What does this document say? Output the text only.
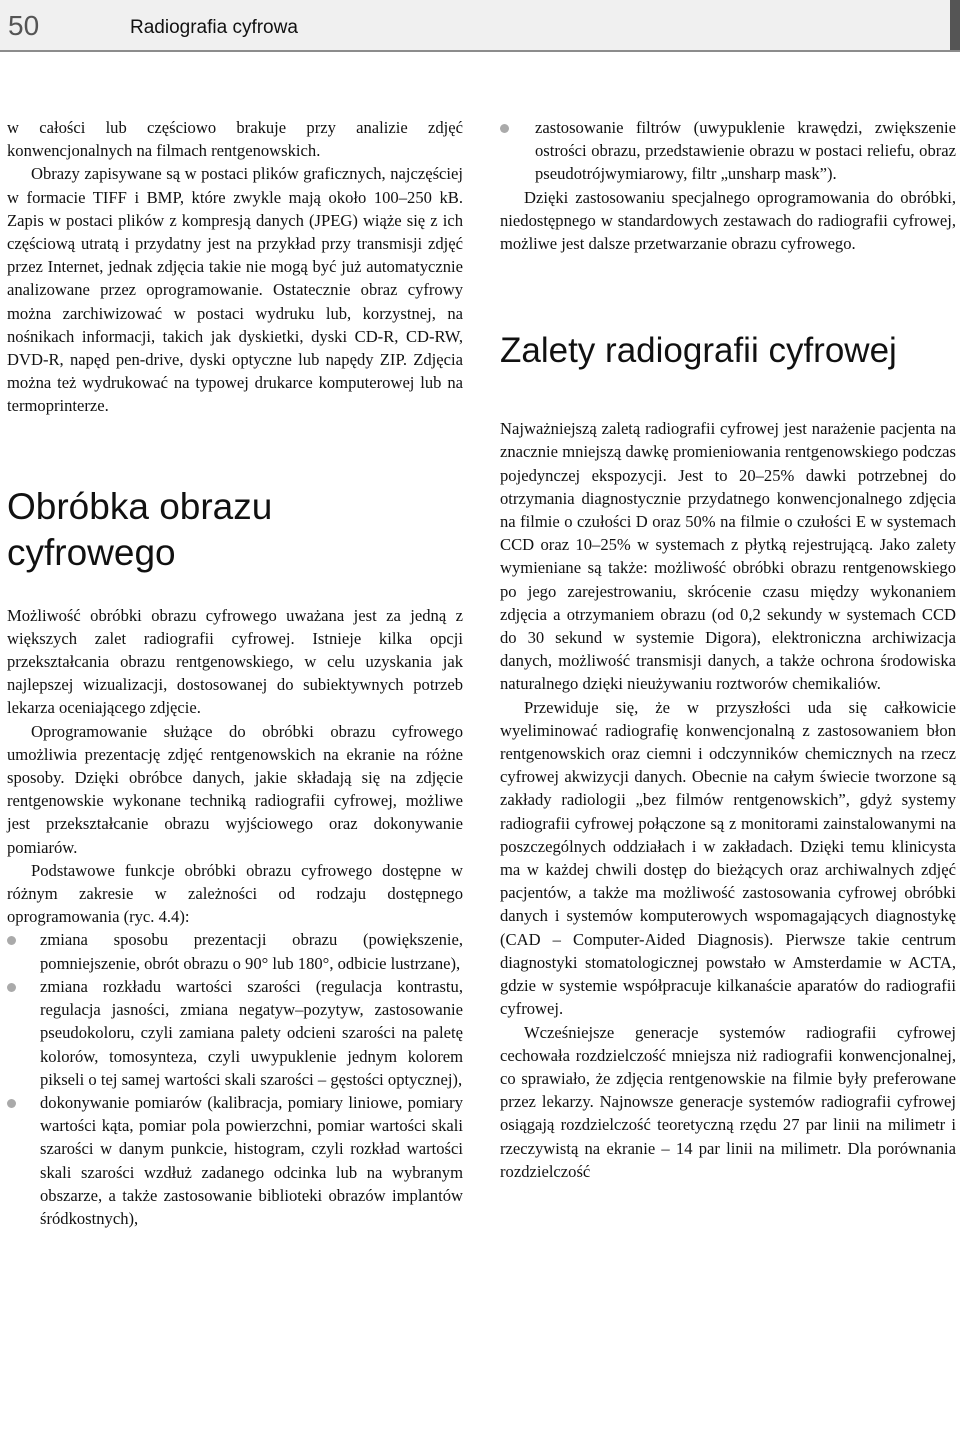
50	Radiografia cyfrowa

w całości lub częściowo brakuje przy analizie zdjęć konwencjonalnych na filmach rentgenowskich.

Obrazy zapisywane są w postaci plików graficznych, najczęściej w formacie TIFF i BMP, które zwykle mają około 100–250 kB. Zapis w postaci plików z kompresją danych (JPEG) wiąże się z ich częściową utratą i przydatny jest na przykład przy transmisji zdjęć przez Internet, jednak zdjęcia takie nie mogą być już automatycznie analizowane przez oprogramowanie. Ostatecznie obraz cyfrowy można zarchiwizować w postaci wydruku lub, korzystnej, na nośnikach informacji, takich jak dyskietki, dyski CD-R, CD-RW, DVD-R, napęd pen-drive, dyski optyczne lub napędy ZIP. Zdjęcia można też wydrukować na typowej drukarce komputerowej lub na termoprinterze.

Obróbka obrazu cyfrowego

Możliwość obróbki obrazu cyfrowego uważana jest za jedną z większych zalet radiografii cyfrowej. Istnieje kilka opcji przekształcania obrazu rentgenowskiego, w celu uzyskania jak najlepszej wizualizacji, dostosowanej do subiektywnych potrzeb lekarza oceniającego zdjęcie.

Oprogramowanie służące do obróbki obrazu cyfrowego umożliwia prezentację zdjęć rentgenowskich na ekranie na różne sposoby. Dzięki obróbce danych, jakie składają się na zdjęcie rentgenowskie wykonane techniką radiografii cyfrowej, możliwe jest przekształcanie obrazu wyjściowego oraz dokonywanie pomiarów.

Podstawowe funkcje obróbki obrazu cyfrowego dostępne w różnym zakresie w zależności od rodzaju dostępnego oprogramowania (ryc. 4.4):

zmiana sposobu prezentacji obrazu (powiększenie, pomniejszenie, obrót obrazu o 90° lub 180°, odbicie lustrzane),
zmiana rozkładu wartości szarości (regulacja kontrastu, regulacja jasności, zmiana negatyw–pozytyw, zastosowanie pseudokoloru, czyli zamiana palety odcieni szarości na paletę kolorów, tomosynteza, czyli uwypuklenie jednym kolorem pikseli o tej samej wartości skali szarości – gęstości optycznej),
dokonywanie pomiarów (kalibracja, pomiary liniowe, pomiary wartości kąta, pomiar pola powierzchni, pomiar wartości skali szarości w danym punkcie, histogram, czyli rozkład wartości skali szarości wzdłuż zadanego odcinka lub na wybranym obszarze, a także zastosowanie biblioteki obrazów implantów śródkostnych),
zastosowanie filtrów (uwypuklenie krawędzi, zwiększenie ostrości obrazu, przedstawienie obrazu w postaci reliefu, obraz pseudotrójwymiarowy, filtr „unsharp mask”).

Dzięki zastosowaniu specjalnego oprogramowania do obróbki, niedostępnego w standardowych zestawach do radiografii cyfrowej, możliwe jest dalsze przetwarzanie obrazu cyfrowego.

Zalety radiografii cyfrowej

Najważniejszą zaletą radiografii cyfrowej jest narażenie pacjenta na znacznie mniejszą dawkę promieniowania rentgenowskiego podczas pojedynczej ekspozycji. Jest to 20–25% dawki potrzebnej do otrzymania diagnostycznie przydatnego konwencjonalnego zdjęcia na filmie o czułości D oraz 50% na filmie o czułości E w systemach CCD oraz 10–25% w systemach z płytką rejestrującą. Jako zalety wymieniane są także: możliwość obróbki obrazu rentgenowskiego po jego zarejestrowaniu, skrócenie czasu między wykonaniem zdjęcia a otrzymaniem obrazu (od 0,2 sekundy w systemach CCD do 30 sekund w systemie Digora), elektroniczna archiwizacja danych, możliwość transmisji danych, a także ochrona środowiska naturalnego dzięki nieużywaniu roztworów chemikaliów.

Przewiduje się, że w przyszłości uda się całkowicie wyeliminować radiografię konwencjonalną z zastosowaniem błon rentgenowskich oraz ciemni i odczynników chemicznych na rzecz cyfrowej akwizycji danych. Obecnie na całym świecie tworzone są zakłady radiologii „bez filmów rentgenowskich”, gdyż systemy radiografii cyfrowej połączone są z monitorami zainstalowanymi na poszczególnych oddziałach i w zakładach. Dzięki temu klinicysta ma w każdej chwili dostęp do bieżących oraz archiwalnych zdjęć pacjentów, a także ma możliwość zastosowania cyfrowej obróbki danych i systemów komputerowych wspomagających diagnostykę (CAD – Computer-Aided Diagnosis). Pierwsze takie centrum diagnostyki stomatologicznej powstało w Amsterdamie w ACTA, gdzie w systemie współpracuje kilkanaście aparatów do radiografii cyfrowej.

Wcześniejsze generacje systemów radiografii cyfrowej cechowała rozdzielczość mniejsza niż radiografii konwencjonalnej, co sprawiało, że zdjęcia rentgenowskie na filmie były preferowane przez lekarzy. Najnowsze generacje systemów radiografii cyfrowej osiągają rozdzielczość teoretyczną rzędu 27 par linii na milimetr i rzeczywistą na ekranie – 14 par linii na milimetr. Dla porównania rozdzielczość
